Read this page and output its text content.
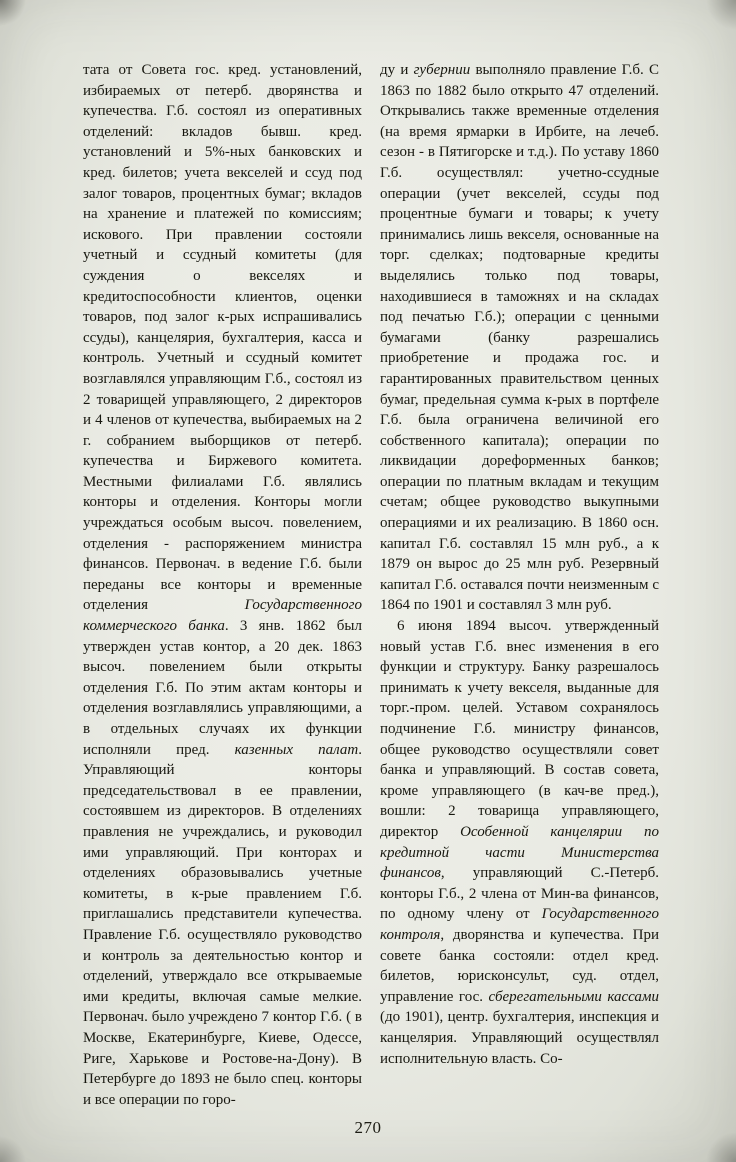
тата от Совета гос. кред. установлений, избираемых от петерб. дворянства и купечества. Г.б. состоял из оперативных отделений: вкладов бывш. кред. установлений и 5%-ных банковских и кред. билетов; учета векселей и ссуд под залог товаров, процентных бумаг; вкладов на хранение и платежей по комиссиям; искового. При правлении состояли учетный и ссудный комитеты (для суждения о векселях и кредитоспособности клиентов, оценки товаров, под залог к-рых испрашивались ссуды), канцелярия, бухгалтерия, касса и контроль. Учетный и ссудный комитет возглавлялся управляющим Г.б., состоял из 2 товарищей управляющего, 2 директоров и 4 членов от купечества, выбираемых на 2 г. собранием выборщиков от петерб. купечества и Биржевого комитета. Местными филиалами Г.б. являлись конторы и отделения. Конторы могли учреждаться особым высоч. повелением, отделения - распоряжением министра финансов. Первонач. в ведение Г.б. были переданы все конторы и временные отделения Государственного коммерческого банка. 3 янв. 1862 был утвержден устав контор, а 20 дек. 1863 высоч. повелением были открыты отделения Г.б. По этим актам конторы и отделения возглавлялись управляющими, а в отдельных случаях их функции исполняли пред. казенных палат. Управляющий конторы председательствовал в ее правлении, состоявшем из директоров. В отделениях правления не учреждались, и руководил ими управляющий. При конторах и отделениях образовывались учетные комитеты, в к-рые правлением Г.б. приглашались представители купечества. Правление Г.б. осуществляло руководство и контроль за деятельностью контор и отделений, утверждало все открываемые ими кредиты, включая самые мелкие. Первонач. было учреждено 7 контор Г.б. ( в Москве, Екатеринбурге, Киеве, Одессе, Риге, Харькове и Ростове-на-Дону). В Петербурге до 1893 не было спец. конторы и все операции по горо-

ду и губернии выполняло правление Г.б. С 1863 по 1882 было открыто 47 отделений. Открывались также временные отделения (на время ярмарки в Ирбите, на лечеб. сезон - в Пятигорске и т.д.). По уставу 1860 Г.б. осуществлял: учетно-ссудные операции (учет векселей, ссуды под процентные бумаги и товары; к учету принимались лишь векселя, основанные на торг. сделках; подтоварные кредиты выделялись только под товары, находившиеся в таможнях и на складах под печатью Г.б.); операции с ценными бумагами (банку разрешались приобретение и продажа гос. и гарантированных правительством ценных бумаг, предельная сумма к-рых в портфеле Г.б. была ограничена величиной его собственного капитала); операции по ликвидации дореформенных банков; операции по платным вкладам и текущим счетам; общее руководство выкупными операциями и их реализацию. В 1860 осн. капитал Г.б. составлял 15 млн руб., а к 1879 он вырос до 25 млн руб. Резервный капитал Г.б. оставался почти неизменным с 1864 по 1901 и составлял 3 млн руб.

6 июня 1894 высоч. утвержденный новый устав Г.б. внес изменения в его функции и структуру. Банку разрешалось принимать к учету векселя, выданные для торг.-пром. целей. Уставом сохранялось подчинение Г.б. министру финансов, общее руководство осуществляли совет банка и управляющий. В состав совета, кроме управляющего (в кач-ве пред.), вошли: 2 товарища управляющего, директор Особенной канцелярии по кредитной части Министерства финансов, управляющий С.-Петерб. конторы Г.б., 2 члена от Мин-ва финансов, по одному члену от Государственного контроля, дворянства и купечества. При совете банка состояли: отдел кред. билетов, юрисконсульт, суд. отдел, управление гос. сберегательными кассами (до 1901), центр. бухгалтерия, инспекция и канцелярия. Управляющий осуществлял исполнительную власть. Со-

270
